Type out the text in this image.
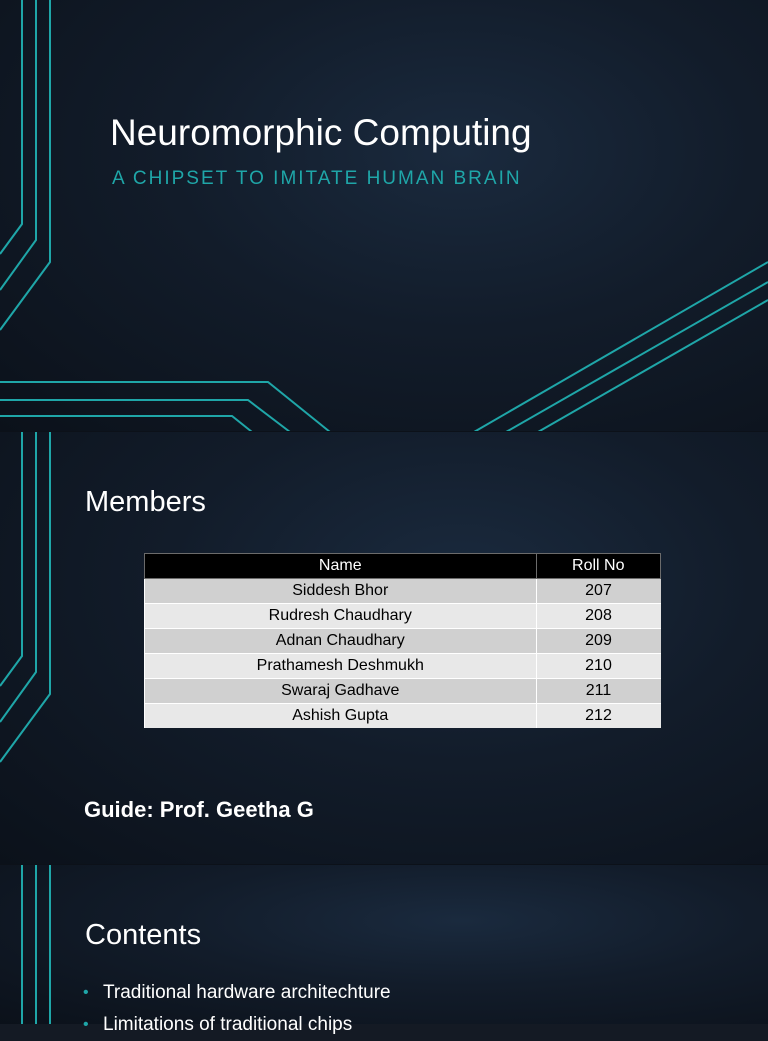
Neuromorphic Computing

A CHIPSET TO IMITATE HUMAN BRAIN

Members
Name	Roll No
Siddesh Bhor	207
Rudresh Chaudhary	208
Adnan Chaudhary	209
Prathamesh Deshmukh	210
Swaraj Gadhave	211
Ashish Gupta	212

Guide: Prof. Geetha G

Contents
• Traditional hardware architechture
• Limitations of traditional chips
